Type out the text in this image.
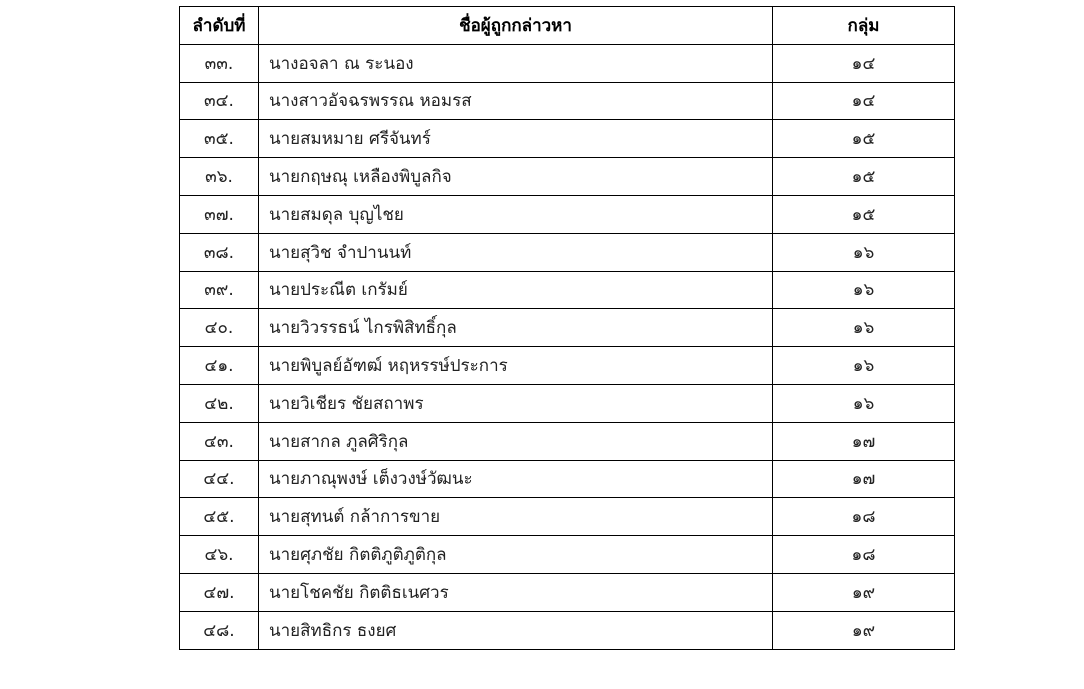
ลำดับที่	ชื่อผู้ถูกกล่าวหา	กลุ่ม
๓๓.	นางอจลา ณ ระนอง	๑๔
๓๔.	นางสาวอัจฉรพรรณ หอมรส	๑๔
๓๕.	นายสมหมาย ศรีจันทร์	๑๕
๓๖.	นายกฤษณุ เหลืองพิบูลกิจ	๑๕
๓๗.	นายสมดุล บุญไชย	๑๕
๓๘.	นายสุวิช จำปานนท์	๑๖
๓๙.	นายประณีต เกรัมย์	๑๖
๔๐.	นายวิวรรธน์ ไกรพิสิทธิ์กุล	๑๖
๔๑.	นายพิบูลย์อัฑฒ์ หฤหรรษ์ประการ	๑๖
๔๒.	นายวิเชียร ชัยสถาพร	๑๖
๔๓.	นายสากล ภูลศิริกุล	๑๗
๔๔.	นายภาณุพงษ์ เต็งวงษ์วัฒนะ	๑๗
๔๕.	นายสุทนต์ กล้าการขาย	๑๘
๔๖.	นายศุภชัย กิตติภูติภูติกุล	๑๘
๔๗.	นายโชคชัย กิตติธเนศวร	๑๙
๔๘.	นายสิทธิกร ธงยศ	๑๙
